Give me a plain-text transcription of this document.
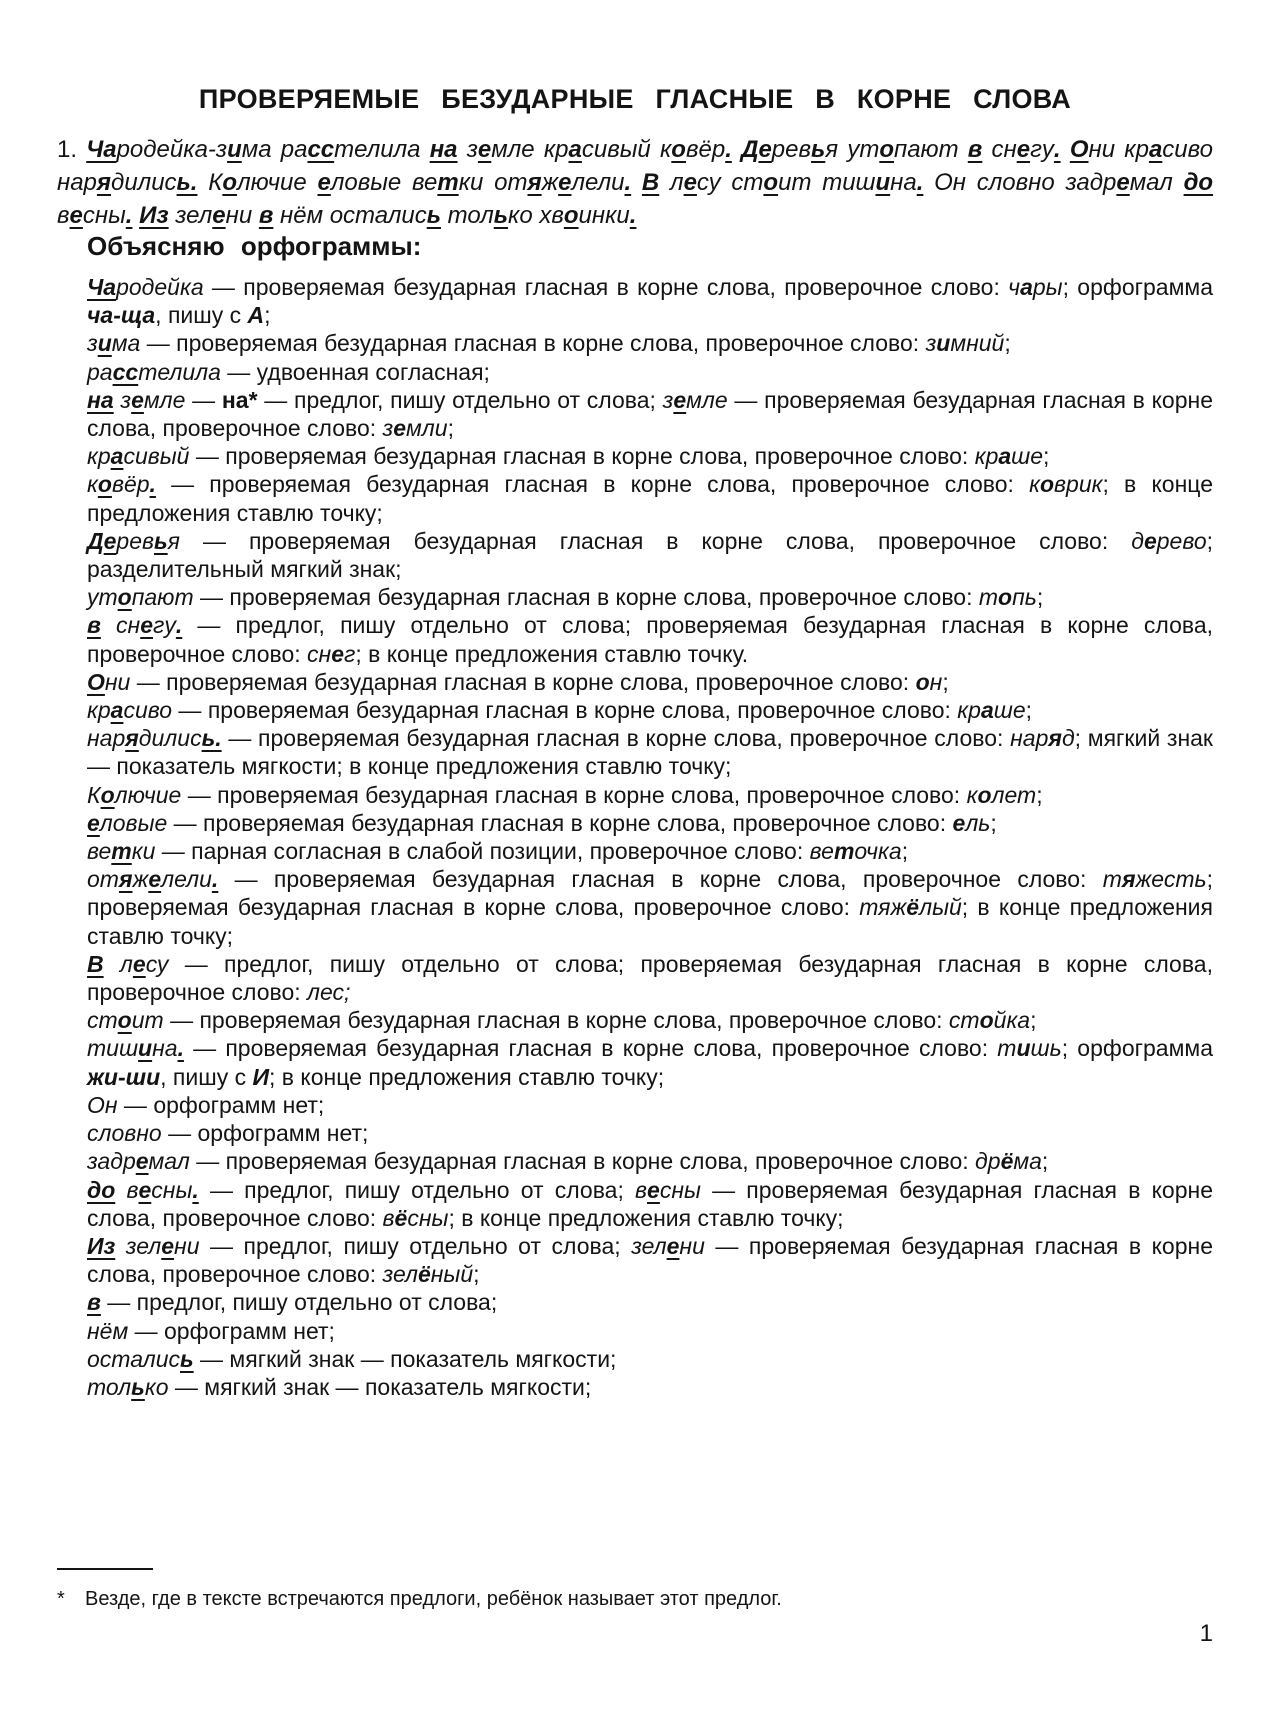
ПРОВЕРЯЕМЫЕ БЕЗУДАРНЫЕ ГЛАСНЫЕ В КОРНЕ СЛОВА

1. Чародейка-зима расстелила на земле красивый ковёр. Деревья утопают в снегу. Они красиво нарядились. Колючие еловые ветки отяжелели. В лесу стоит тишина. Он словно задремал до весны. Из зелени в нём остались только хвоинки.

Объясняю орфограммы:

Чародейка — проверяемая безударная гласная в корне слова, проверочное слово: чары; орфограмма ча-ща, пишу с А;

зима — проверяемая безударная гласная в корне слова, проверочное слово: зимний;

расстелила — удвоенная согласная;

на земле — на* — предлог, пишу отдельно от слова; земле — проверяемая безударная гласная в корне слова, проверочное слово: земли;

красивый — проверяемая безударная гласная в корне слова, проверочное слово: краше;

ковёр. — проверяемая безударная гласная в корне слова, проверочное слово: коврик; в конце предложения ставлю точку;

Деревья — проверяемая безударная гласная в корне слова, проверочное слово: дерево; разделительный мягкий знак;

утопают — проверяемая безударная гласная в корне слова, проверочное слово: топь;

в снегу. — предлог, пишу отдельно от слова; проверяемая безударная гласная в корне слова, проверочное слово: снег; в конце предложения ставлю точку.

Они — проверяемая безударная гласная в корне слова, проверочное слово: он;

красиво — проверяемая безударная гласная в корне слова, проверочное слово: краше;

нарядились. — проверяемая безударная гласная в корне слова, проверочное слово: наряд; мягкий знак — показатель мягкости; в конце предложения ставлю точку;

Колючие — проверяемая безударная гласная в корне слова, проверочное слово: колет;

еловые — проверяемая безударная гласная в корне слова, проверочное слово: ель;

ветки — парная согласная в слабой позиции, проверочное слово: веточка;

отяжелели. — проверяемая безударная гласная в корне слова, проверочное слово: тяжесть; проверяемая безударная гласная в корне слова, проверочное слово: тяжёлый; в конце предложения ставлю точку;

В лесу — предлог, пишу отдельно от слова; проверяемая безударная гласная в корне слова, проверочное слово: лес;

стоит — проверяемая безударная гласная в корне слова, проверочное слово: стойка;

тишина. — проверяемая безударная гласная в корне слова, проверочное слово: тишь; орфограмма жи-ши, пишу с И; в конце предложения ставлю точку;

Он — орфограмм нет;

словно — орфограмм нет;

задремал — проверяемая безударная гласная в корне слова, проверочное слово: дрёма;

до весны. — предлог, пишу отдельно от слова; весны — проверяемая безударная гласная в корне слова, проверочное слово: вёсны; в конце предложения ставлю точку;

Из зелени — предлог, пишу отдельно от слова; зелени — проверяемая безударная гласная в корне слова, проверочное слово: зелёный;

в — предлог, пишу отдельно от слова;

нём — орфограмм нет;

остались — мягкий знак — показатель мягкости;

только — мягкий знак — показатель мягкости;

*	Везде, где в тексте встречаются предлоги, ребёнок называет этот предлог.

1
